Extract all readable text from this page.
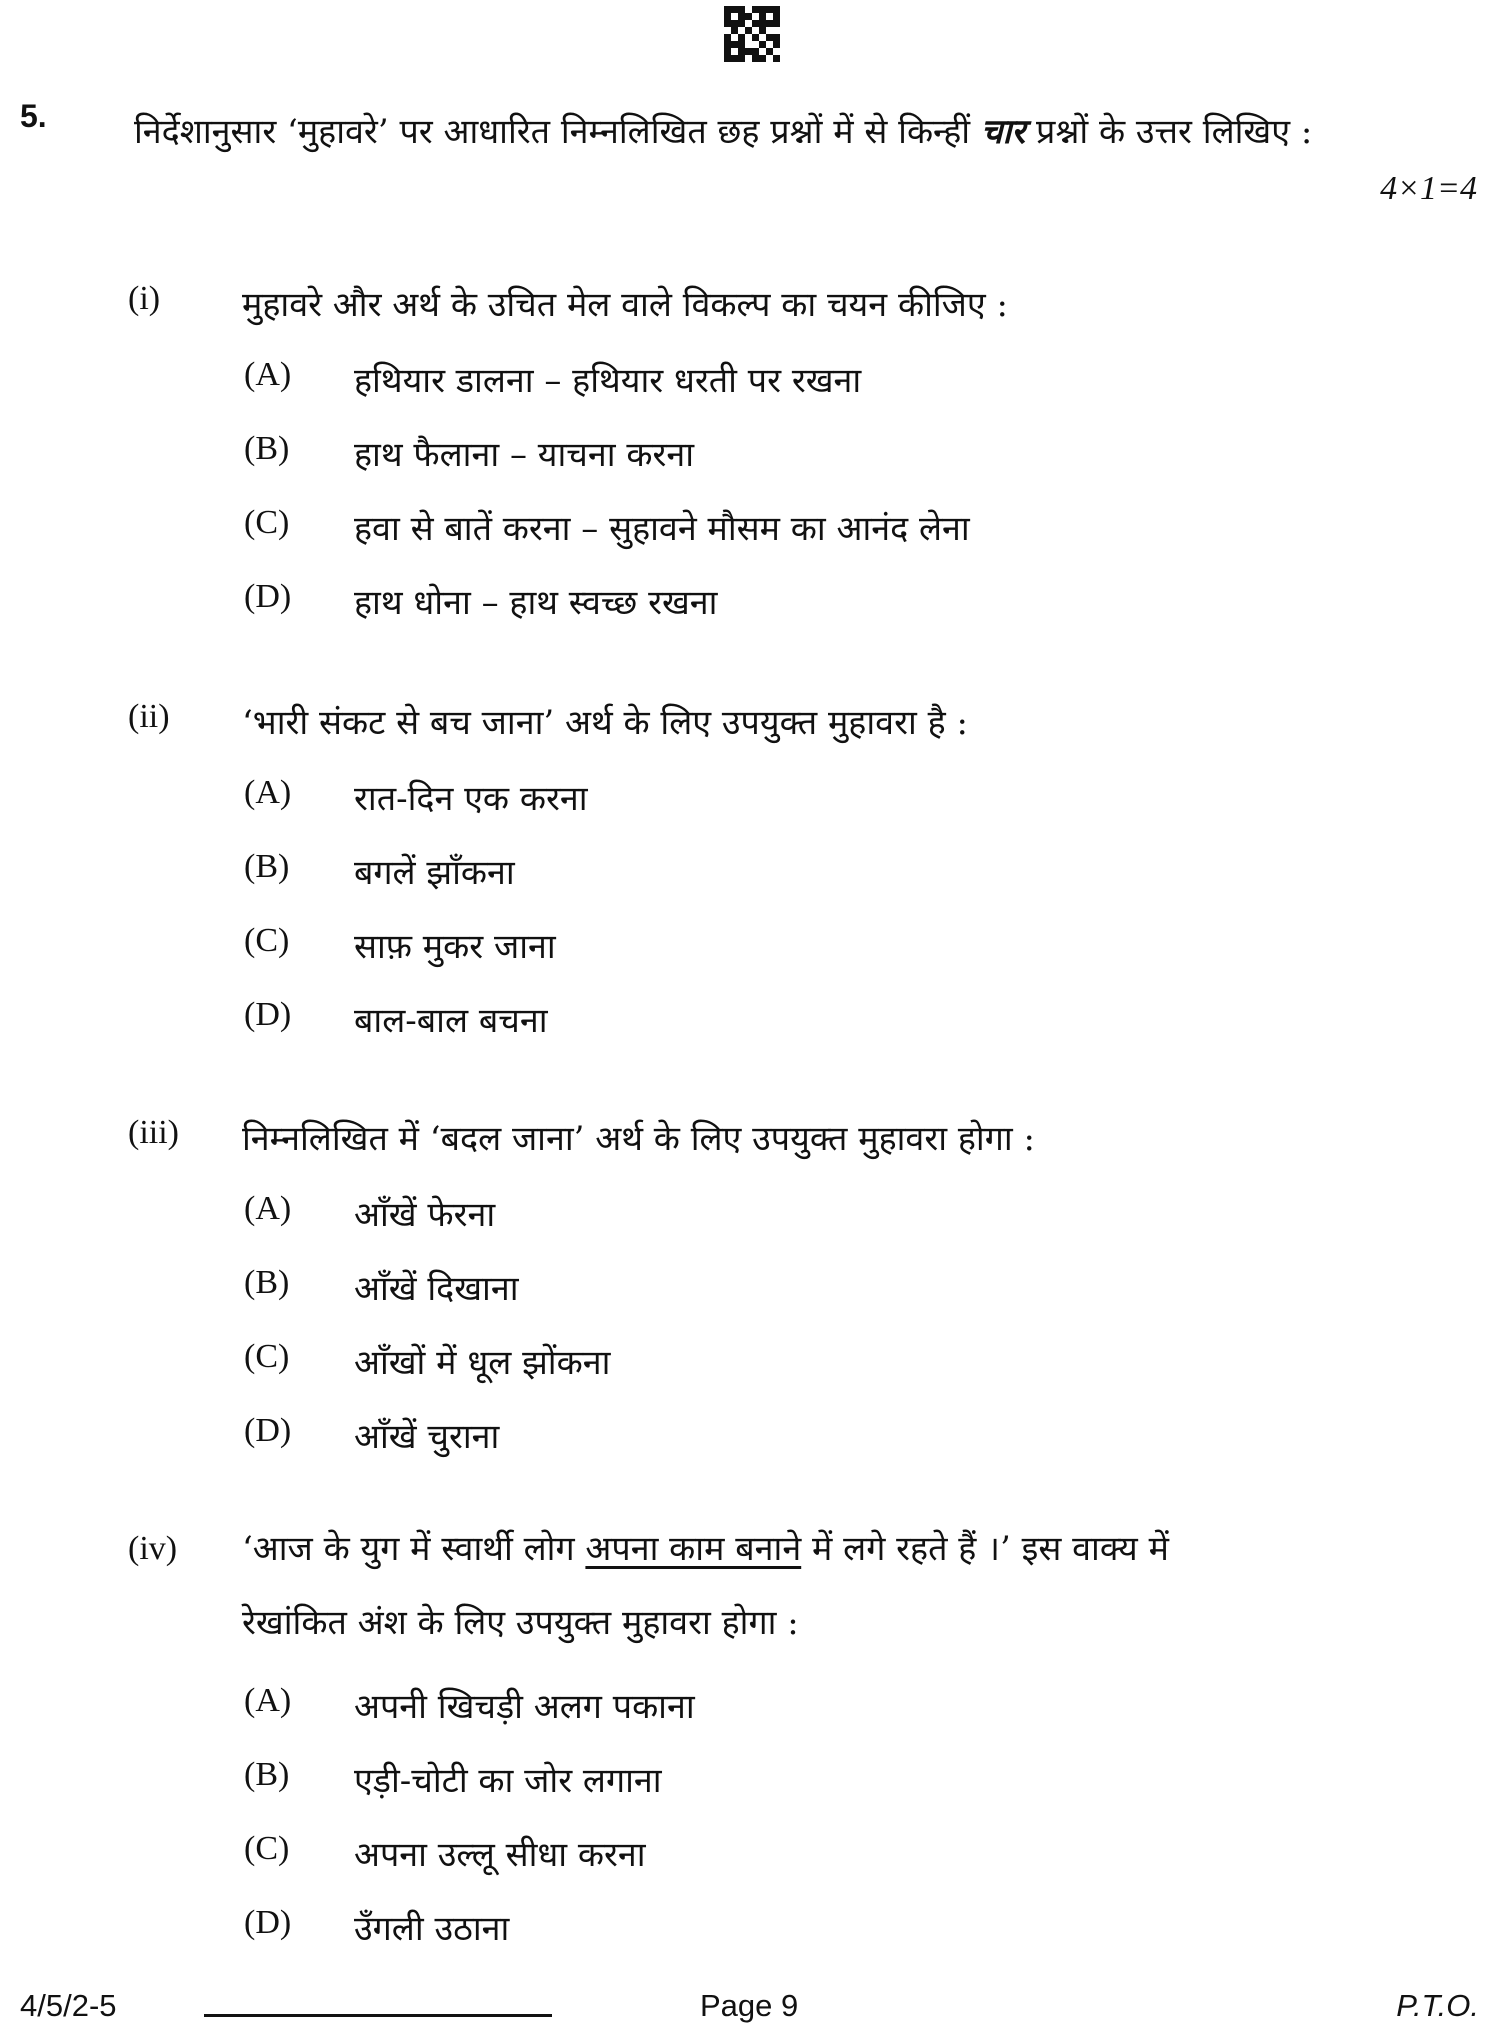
5.	निर्देशानुसार ‘मुहावरे’ पर आधारित निम्नलिखित छह प्रश्नों में से किन्हीं चार प्रश्नों के उत्तर लिखिए :
4×1=4
(i) मुहावरे और अर्थ के उचित मेल वाले विकल्प का चयन कीजिए :
(A) हथियार डालना – हथियार धरती पर रखना
(B) हाथ फैलाना – याचना करना
(C) हवा से बातें करना – सुहावने मौसम का आनंद लेना
(D) हाथ धोना – हाथ स्वच्छ रखना
(ii) ‘भारी संकट से बच जाना’ अर्थ के लिए उपयुक्त मुहावरा है :
(A) रात-दिन एक करना
(B) बगलें झाँकना
(C) साफ़ मुकर जाना
(D) बाल-बाल बचना
(iii) निम्नलिखित में ‘बदल जाना’ अर्थ के लिए उपयुक्त मुहावरा होगा :
(A) आँखें फेरना
(B) आँखें दिखाना
(C) आँखों में धूल झोंकना
(D) आँखें चुराना
(iv) ‘आज के युग में स्वार्थी लोग अपना काम बनाने में लगे रहते हैं ।’ इस वाक्य में
रेखांकित अंश के लिए उपयुक्त मुहावरा होगा :
(A) अपनी खिचड़ी अलग पकाना
(B) एड़ी-चोटी का जोर लगाना
(C) अपना उल्लू सीधा करना
(D) उँगली उठाना
4/5/2-5	Page 9	P.T.O.
